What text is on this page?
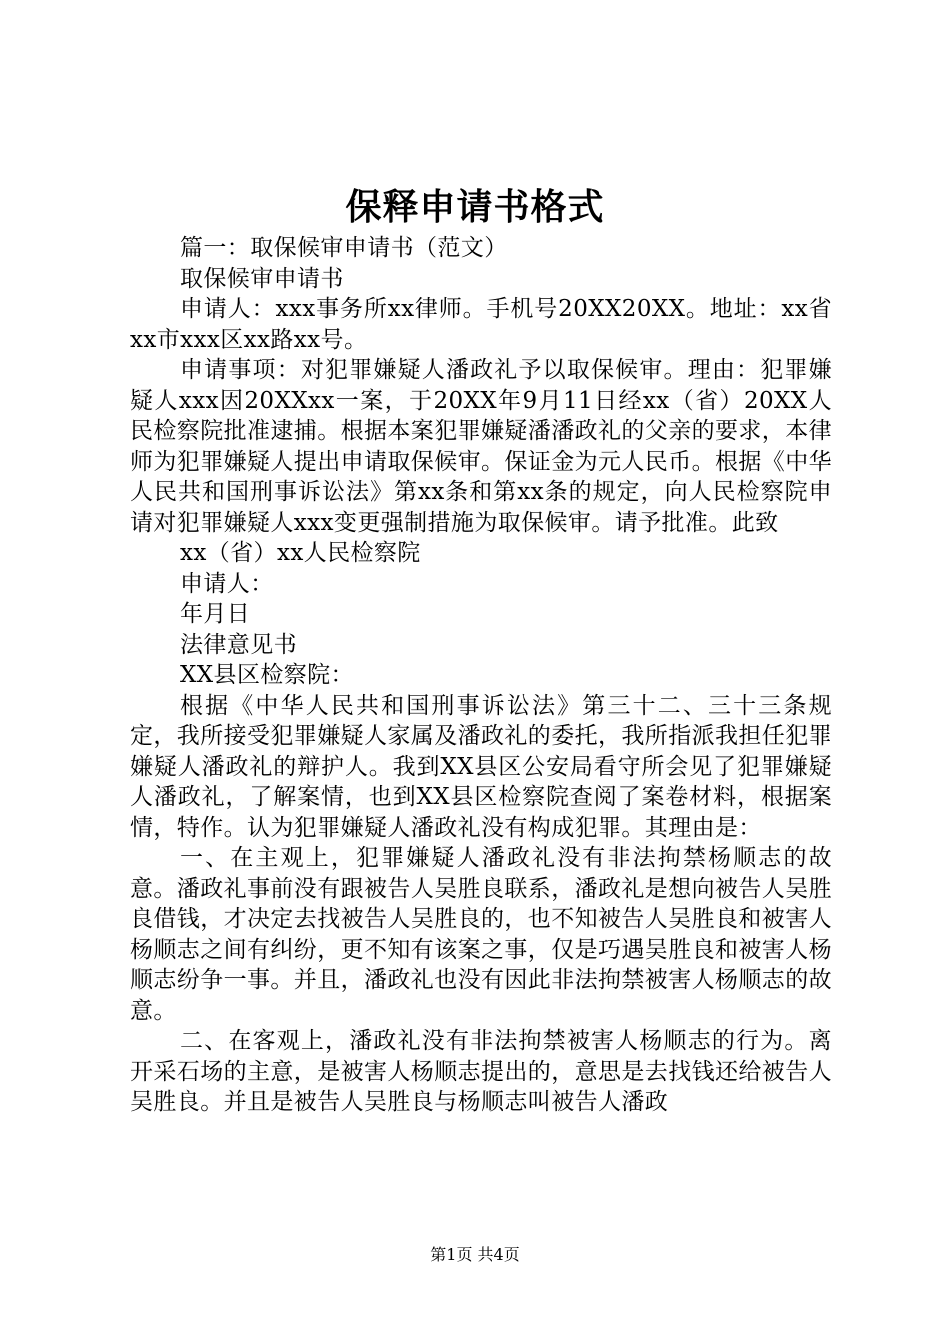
保释申请书格式

篇一：取保候审申请书（范文）

取保候审申请书

申请人：xxx事务所xx律师。手机号20XX20XX。地址：xx省xx市xxx区xx路xx号。

申请事项：对犯罪嫌疑人潘政礼予以取保候审。理由：犯罪嫌疑人xxx因20XXxx一案，于20XX年9月11日经xx（省）20XX人民检察院批准逮捕。根据本案犯罪嫌疑潘潘政礼的父亲的要求，本律师为犯罪嫌疑人提出申请取保候审。保证金为元人民币。根据《中华人民共和国刑事诉讼法》第xx条和第xx条的规定，向人民检察院申请对犯罪嫌疑人xxx变更强制措施为取保候审。请予批准。此致

xx（省）xx人民检察院

申请人：

年月日

法律意见书

XX县区检察院：

根据《中华人民共和国刑事诉讼法》第三十二、三十三条规定，我所接受犯罪嫌疑人家属及潘政礼的委托，我所指派我担任犯罪嫌疑人潘政礼的辩护人。我到XX县区公安局看守所会见了犯罪嫌疑人潘政礼，了解案情，也到XX县区检察院查阅了案卷材料，根据案情，特作。认为犯罪嫌疑人潘政礼没有构成犯罪。其理由是：

一、在主观上，犯罪嫌疑人潘政礼没有非法拘禁杨顺志的故意。潘政礼事前没有跟被告人吴胜良联系，潘政礼是想向被告人吴胜良借钱，才决定去找被告人吴胜良的，也不知被告人吴胜良和被害人杨顺志之间有纠纷，更不知有该案之事，仅是巧遇吴胜良和被害人杨顺志纷争一事。并且，潘政礼也没有因此非法拘禁被害人杨顺志的故意。

二、在客观上，潘政礼没有非法拘禁被害人杨顺志的行为。离开采石场的主意，是被害人杨顺志提出的，意思是去找钱还给被告人吴胜良。并且是被告人吴胜良与杨顺志叫被告人潘政

第1页 共4页
